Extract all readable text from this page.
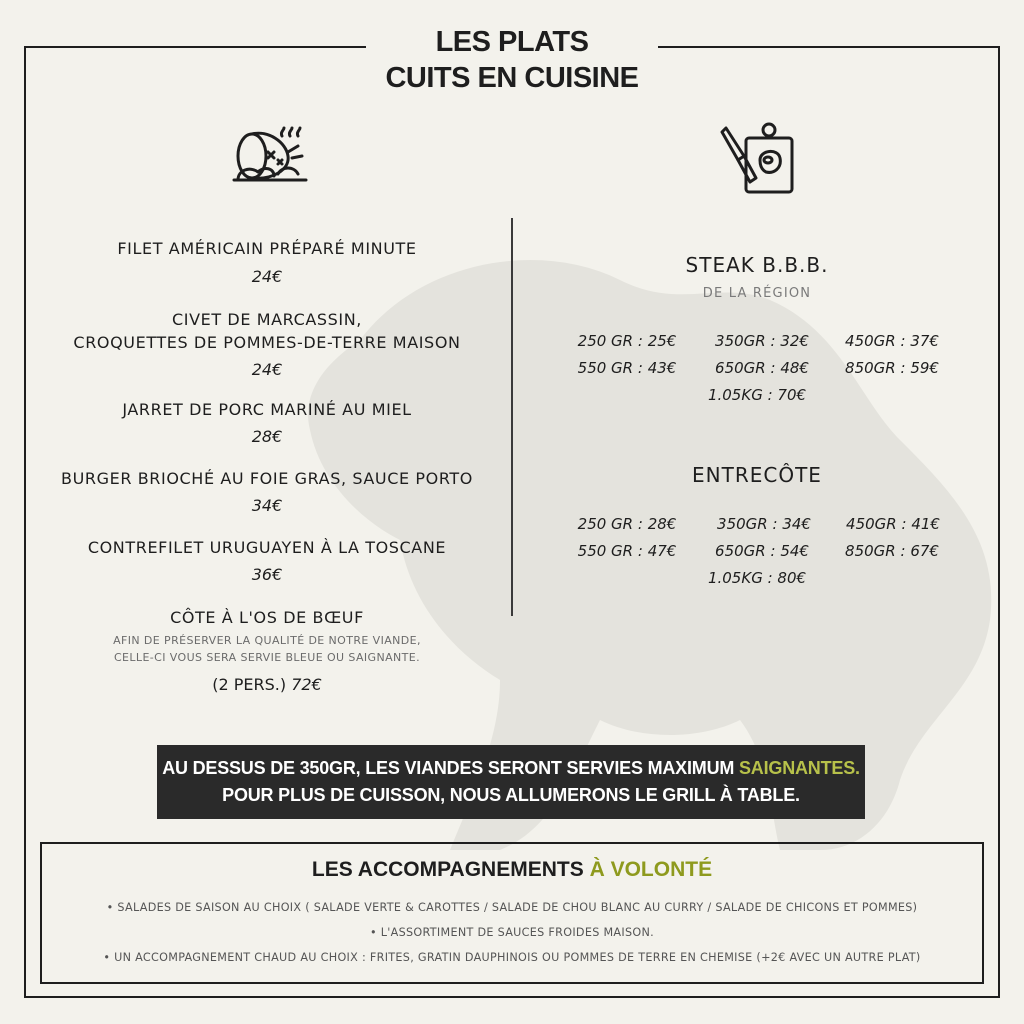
LES PLATS
CUITS EN CUISINE
FILET AMÉRICAIN PRÉPARÉ MINUTE
24€
CIVET DE MARCASSIN,
CROQUETTES DE POMMES-DE-TERRE MAISON
24€
JARRET DE PORC MARINÉ AU MIEL
28€
BURGER BRIOCHÉ AU FOIE GRAS, SAUCE PORTO
34€
CONTREFILET URUGUAYEN À LA TOSCANE
36€
CÔTE À L'OS DE BŒUF
AFIN DE PRÉSERVER LA QUALITÉ DE NOTRE VIANDE,
CELLE-CI VOUS SERA SERVIE BLEUE OU SAIGNANTE.
(2 PERS.) 72€
STEAK B.B.B.
DE LA RÉGION
250 GR : 25€	350GR : 32€	450GR : 37€
550 GR : 43€	650GR : 48€	850GR : 59€
1.05KG : 70€
ENTRECÔTE
250 GR : 28€	350GR : 34€	450GR : 41€
550 GR : 47€	650GR : 54€	850GR : 67€
1.05KG : 80€
AU DESSUS DE 350GR, LES VIANDES SERONT SERVIES MAXIMUM SAIGNANTES.
POUR PLUS DE CUISSON, NOUS ALLUMERONS LE GRILL À TABLE.
LES ACCOMPAGNEMENTS À VOLONTÉ
• SALADES DE SAISON AU CHOIX ( SALADE VERTE & CAROTTES / SALADE DE CHOU BLANC AU CURRY / SALADE DE CHICONS ET POMMES)
• L'ASSORTIMENT DE SAUCES FROIDES MAISON.
• UN ACCOMPAGNEMENT CHAUD AU CHOIX : FRITES, GRATIN DAUPHINOIS OU POMMES DE TERRE EN CHEMISE (+2€ AVEC UN AUTRE PLAT)
